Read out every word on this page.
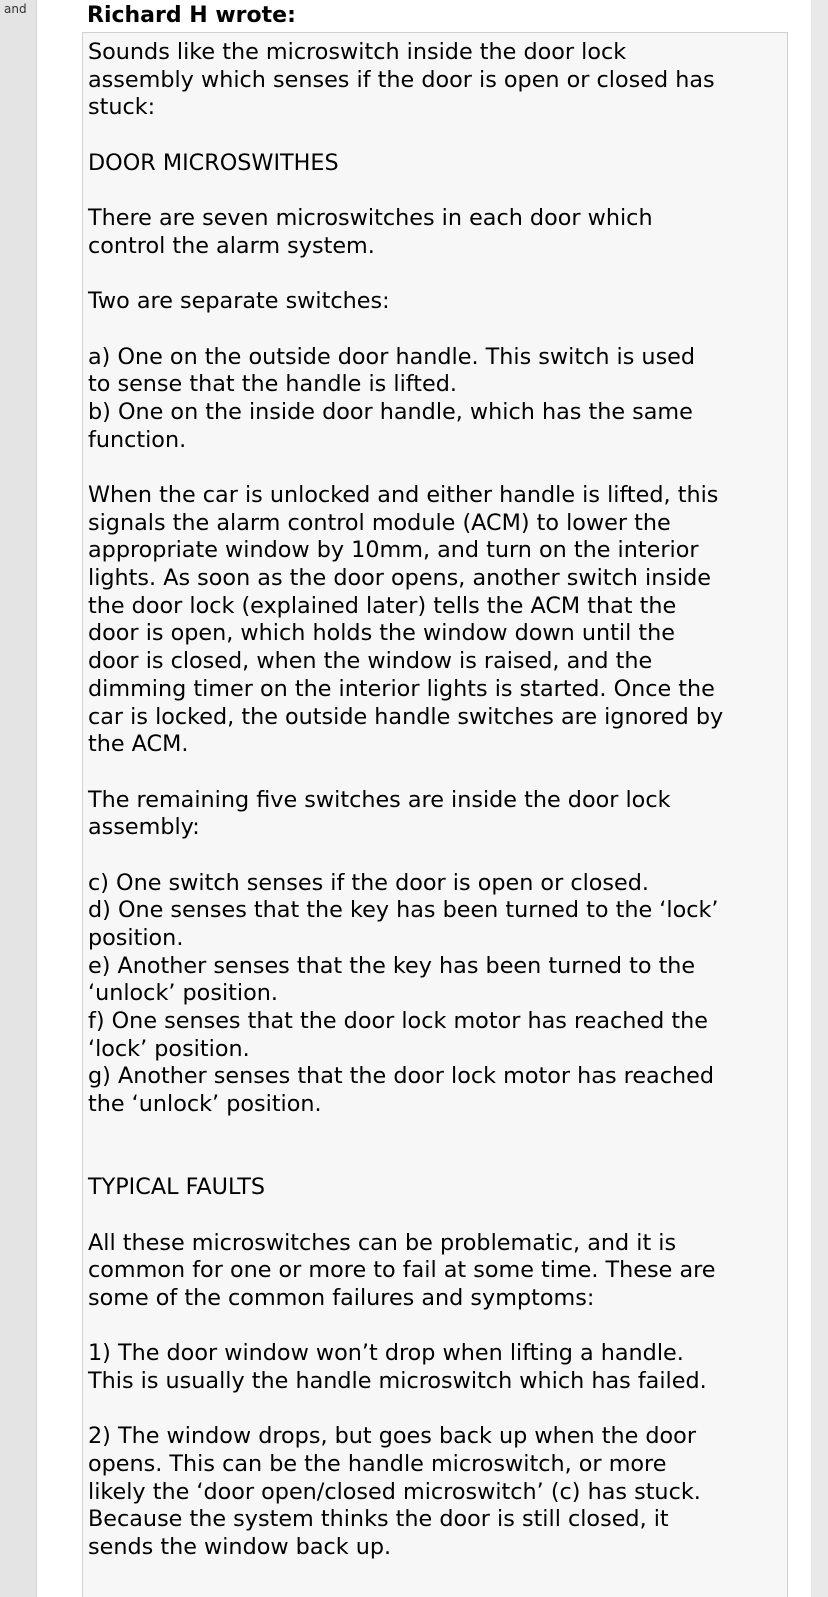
and	Richard H wrote:
Sounds like the microswitch inside the door lock
assembly which senses if the door is open or closed has
stuck:
DOOR MICROSWITHES
There are seven microswitches in each door which
control the alarm system.
Two are separate switches:
a) One on the outside door handle. This switch is used
to sense that the handle is lifted.
b) One on the inside door handle, which has the same
function.
When the car is unlocked and either handle is lifted, this
signals the alarm control module (ACM) to lower the
appropriate window by 10mm, and turn on the interior
lights. As soon as the door opens, another switch inside
the door lock (explained later) tells the ACM that the
door is open, which holds the window down until the
door is closed, when the window is raised, and the
dimming timer on the interior lights is started. Once the
car is locked, the outside handle switches are ignored by
the ACM.
The remaining five switches are inside the door lock
assembly:
c) One switch senses if the door is open or closed.
d) One senses that the key has been turned to the ‘lock’
position.
e) Another senses that the key has been turned to the
‘unlock’ position.
f) One senses that the door lock motor has reached the
‘lock’ position.
g) Another senses that the door lock motor has reached
the ‘unlock’ position.
TYPICAL FAULTS
All these microswitches can be problematic, and it is
common for one or more to fail at some time. These are
some of the common failures and symptoms:
1) The door window won’t drop when lifting a handle.
This is usually the handle microswitch which has failed.
2) The window drops, but goes back up when the door
opens. This can be the handle microswitch, or more
likely the ‘door open/closed microswitch’ (c) has stuck.
Because the system thinks the door is still closed, it
sends the window back up.
